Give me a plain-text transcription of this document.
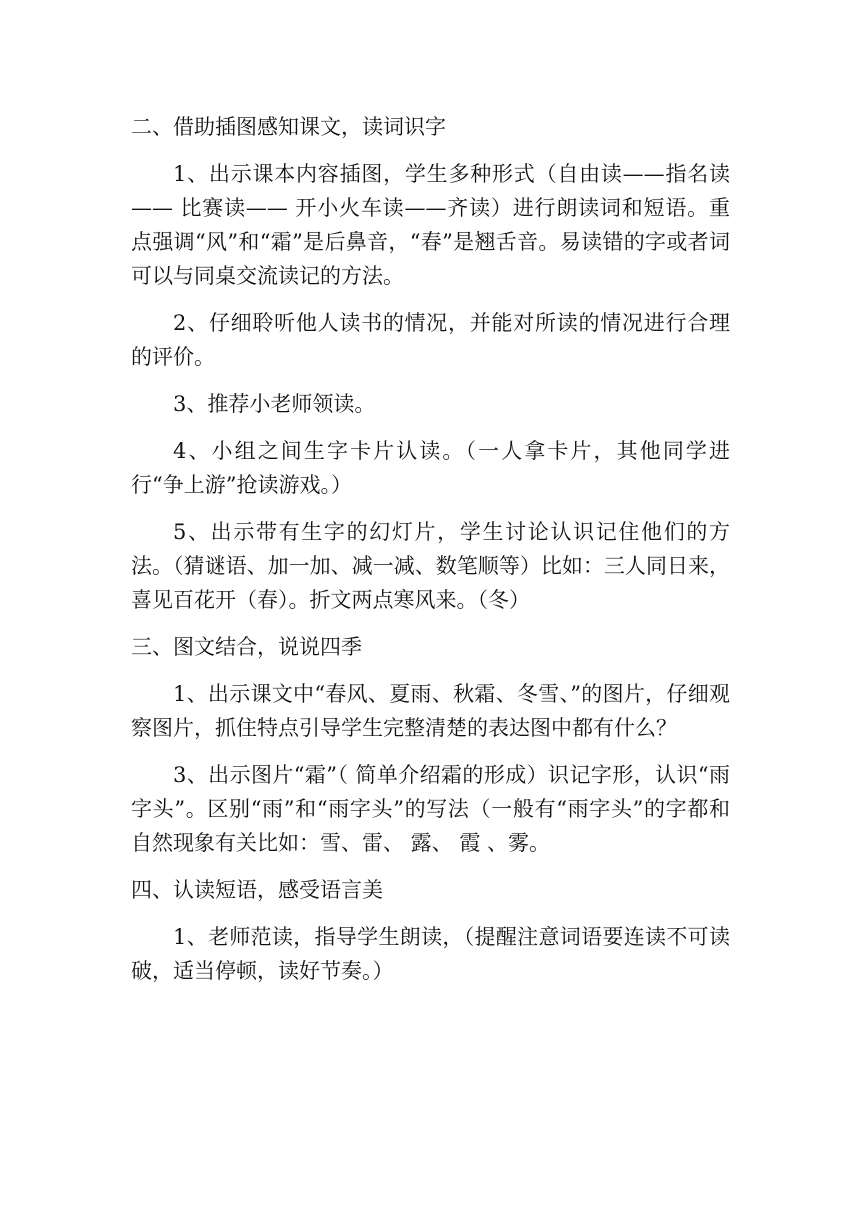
二、借助插图感知课文，读词识字

1、出示课本内容插图，学生多种形式（自由读——指名读—— 比赛读—— 开小火车读——齐读）进行朗读词和短语。重点强调“风”和“霜”是后鼻音，“春”是翘舌音。易读错的字或者词可以与同桌交流读记的方法。

2、仔细聆听他人读书的情况，并能对所读的情况进行合理的评价。

3、推荐小老师领读。

4、小组之间生字卡片认读。（一人拿卡片，其他同学进行“争上游”抢读游戏。）

5、出示带有生字的幻灯片，学生讨论认识记住他们的方法。（猜谜语、加一加、减一减、数笔顺等）比如：三人同日来，喜见百花开（春）。折文两点寒风来。（冬）

三、图文结合，说说四季

1、出示课文中“春风、夏雨、秋霜、冬雪、”的图片，仔细观察图片，抓住特点引导学生完整清楚的表达图中都有什么？

3、出示图片“霜”（ 简单介绍霜的形成）识记字形，认识“雨字头”。区别“雨”和“雨字头”的写法（一般有“雨字头”的字都和自然现象有关比如：雪、雷、 露、 霞 、雾。

四、认读短语，感受语言美

1、老师范读，指导学生朗读，（提醒注意词语要连读不可读破，适当停顿，读好节奏。）
